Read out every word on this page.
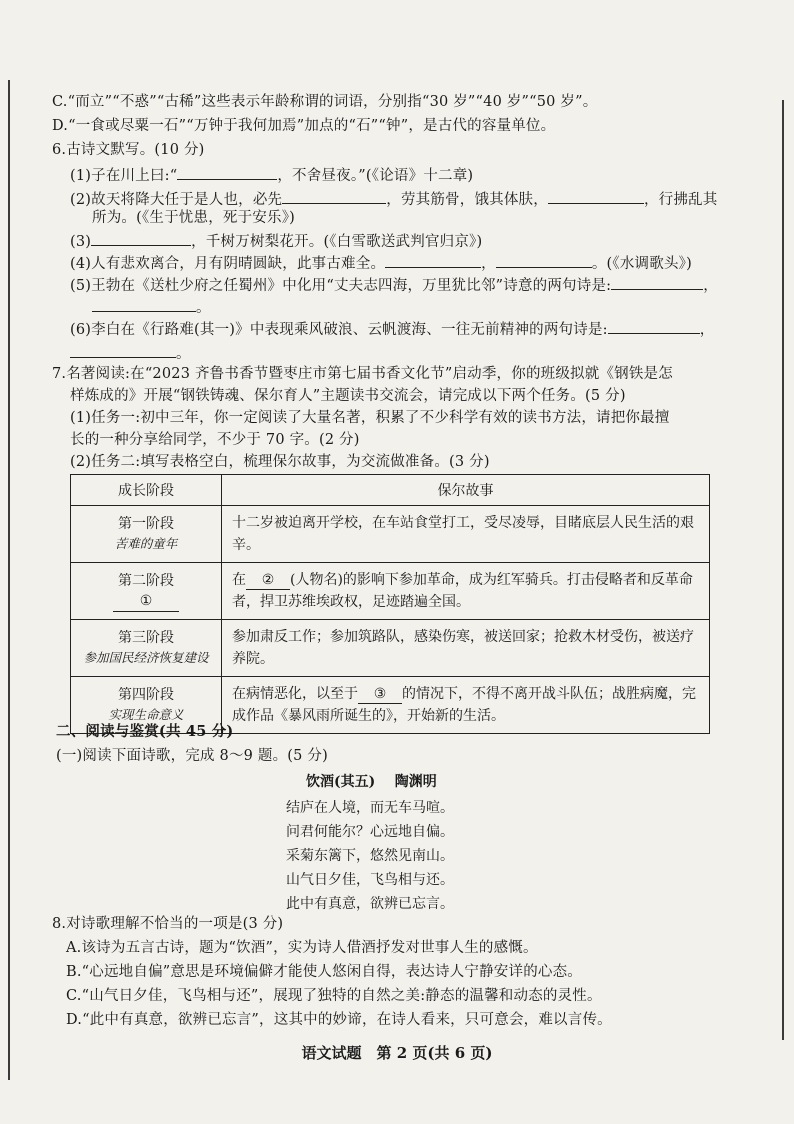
C.“而立”“不惑”“古稀”这些表示年龄称谓的词语，分别指“30 岁”“40 岁”“50 岁”。
D.“一食或尽粟一石”“万钟于我何加焉”加点的“石”“钟”，是古代的容量单位。
6.古诗文默写。(10 分)
(1)子在川上曰:“	，不舍昼夜。”(《论语》十二章)
(2)故天将降大任于是人也，必先	，劳其筋骨，饿其体肤，	，行拂乱其
所为。(《生于忧患，死于安乐》)
(3)	，千树万树梨花开。(《白雪歌送武判官归京》)
(4)人有悲欢离合，月有阴晴圆缺，此事古难全。	，	。(《水调歌头》)
(5)王勃在《送杜少府之任蜀州》中化用“丈夫志四海，万里犹比邻”诗意的两句诗是:	，
。
(6)李白在《行路难(其一)》中表现乘风破浪、云帆渡海、一往无前精神的两句诗是:	，
。
7.名著阅读:在“2023 齐鲁书香节暨枣庄市第七届书香文化节”启动季，你的班级拟就《钢铁是怎
样炼成的》开展“钢铁铸魂、保尔育人”主题读书交流会，请完成以下两个任务。(5 分)
(1)任务一:初中三年，你一定阅读了大量名著，积累了不少科学有效的读书方法，请把你最擅
长的一种分享给同学，不少于 70 字。(2 分)
成长阶段	保尔故事

第一阶段
苦难的童年	十二岁被迫离开学校，在车站食堂打工，受尽凌辱，目睹底层人民生活的艰辛。

第二阶段
①	在 ② (人物名)的影响下参加革命，成为红军骑兵。打击侵略者和反革命者，捍卫苏维埃政权，足迹踏遍全国。

第三阶段
参加国民经济恢复建设	参加肃反工作；参加筑路队，感染伤寒，被送回家；抢救木材受伤，被送疗养院。

第四阶段
实现生命意义	在病情恶化，以至于 ③ 的情况下，不得不离开战斗队伍；战胜病魔，完成作品《暴风雨所诞生的》，开始新的生活。
二、阅读与鉴赏(共 45 分)
(一)阅读下面诗歌，完成 8～9 题。(5 分)
饮酒(其五) 陶渊明
结庐在人境，而无车马喧。
问君何能尔？心远地自偏。
采菊东篱下，悠然见南山。
山气日夕佳，飞鸟相与还。
此中有真意，欲辨已忘言。
8.对诗歌理解不恰当的一项是(3 分)
A.该诗为五言古诗，题为“饮酒”，实为诗人借酒抒发对世事人生的感慨。
B.“心远地自偏”意思是环境偏僻才能使人悠闲自得，表达诗人宁静安详的心态。
C.“山气日夕佳，飞鸟相与还”，展现了独特的自然之美:静态的温馨和动态的灵性。
D.“此中有真意，欲辨已忘言”，这其中的妙谛，在诗人看来，只可意会，难以言传。
语文试题　第 2 页(共 6 页)
(2)任务二:填写表格空白，梳理保尔故事，为交流做准备。(3 分)
